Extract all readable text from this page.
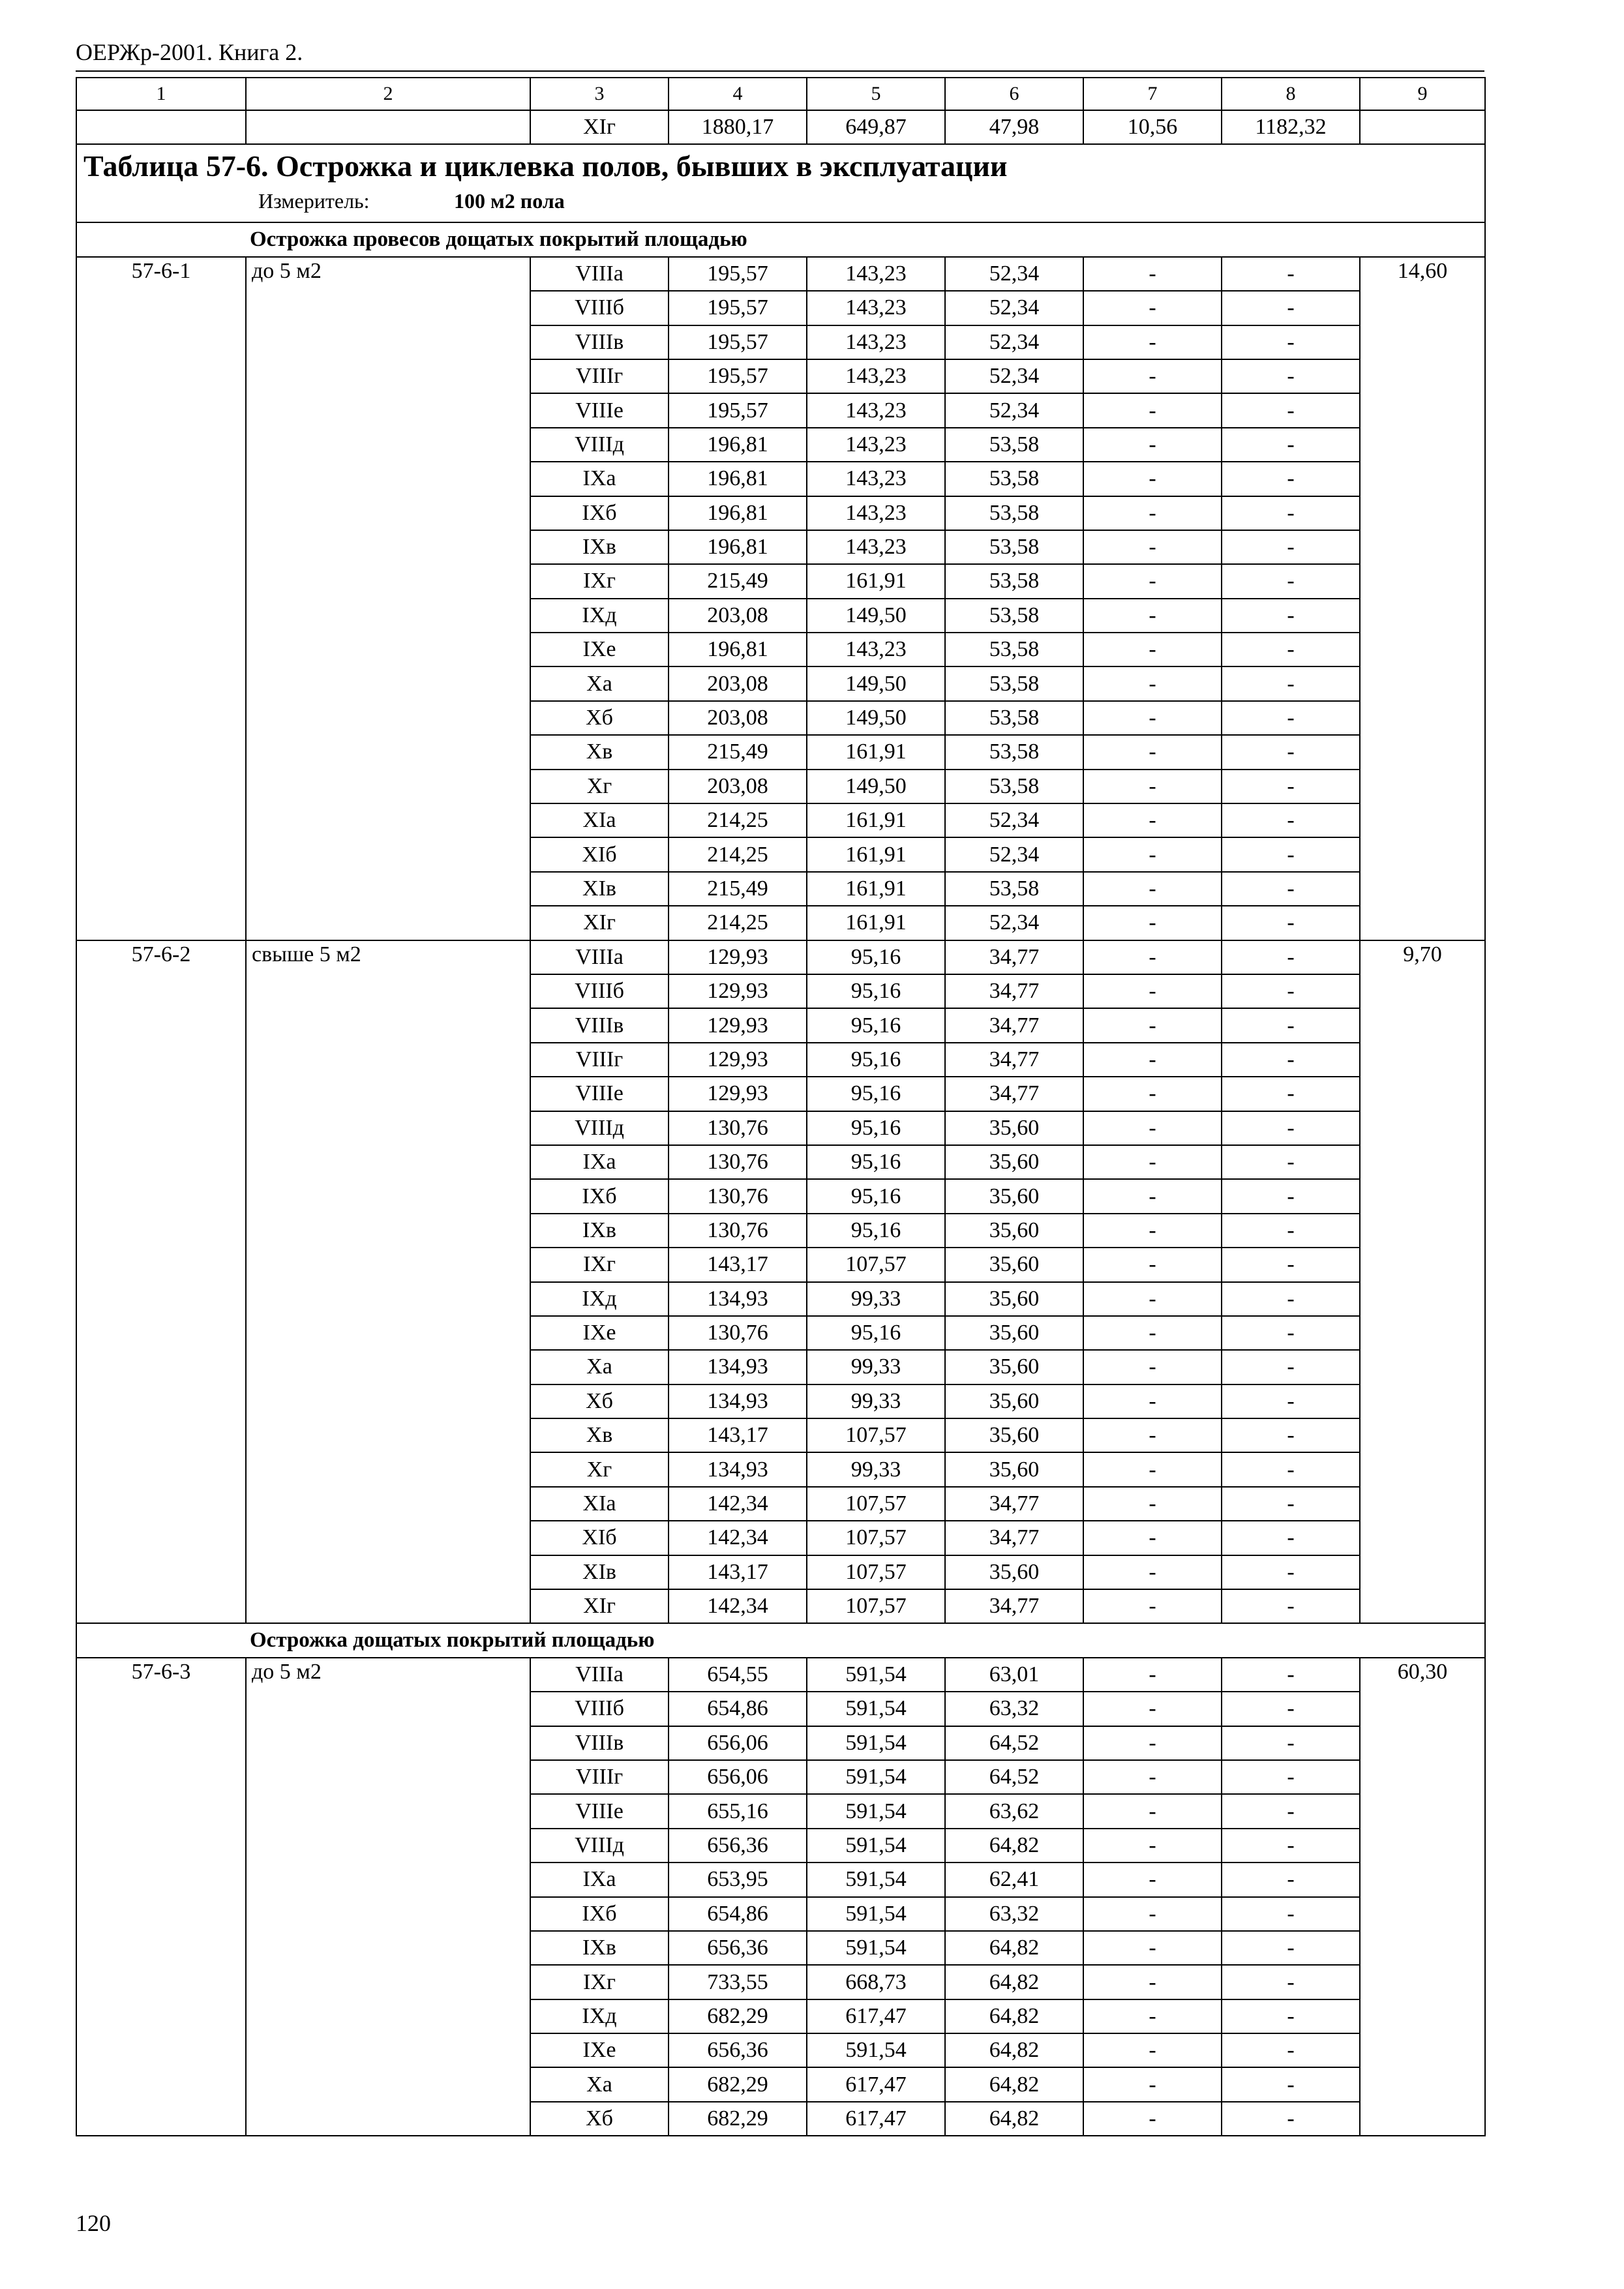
ОЕРЖр-2001. Книга 2.
1	2	3	4	5	6	7	8	9
		XIг	1880,17	649,87	47,98	10,56	1182,32	

Таблица 57-6. Острожка и циклевка полов, бывших в эксплуатации
Измеритель: 100 м2 пола								

	Острожка провесов дощатых покрытий площадью							
57-6-1	до 5 м2	VIIIа	195,57	143,23	52,34	-	-	14,60
		VIIIб	195,57	143,23	52,34	-	-	
		VIIIв	195,57	143,23	52,34	-	-	
		VIIIг	195,57	143,23	52,34	-	-	
		VIIIе	195,57	143,23	52,34	-	-	
		VIIIд	196,81	143,23	53,58	-	-	
		IXа	196,81	143,23	53,58	-	-	
		IXб	196,81	143,23	53,58	-	-	
		IXв	196,81	143,23	53,58	-	-	
		IXг	215,49	161,91	53,58	-	-	
		IXд	203,08	149,50	53,58	-	-	
		IXе	196,81	143,23	53,58	-	-	
		Xа	203,08	149,50	53,58	-	-	
		Xб	203,08	149,50	53,58	-	-	
		Xв	215,49	161,91	53,58	-	-	
		Xг	203,08	149,50	53,58	-	-	
		XIа	214,25	161,91	52,34	-	-	
		XIб	214,25	161,91	52,34	-	-	
		XIв	215,49	161,91	53,58	-	-	
		XIг	214,25	161,91	52,34	-	-	
57-6-2	свыше 5 м2	VIIIа	129,93	95,16	34,77	-	-	9,70
		VIIIб	129,93	95,16	34,77	-	-	
		VIIIв	129,93	95,16	34,77	-	-	
		VIIIг	129,93	95,16	34,77	-	-	
		VIIIе	129,93	95,16	34,77	-	-	
		VIIIд	130,76	95,16	35,60	-	-	
		IXа	130,76	95,16	35,60	-	-	
		IXб	130,76	95,16	35,60	-	-	
		IXв	130,76	95,16	35,60	-	-	
		IXг	143,17	107,57	35,60	-	-	
		IXд	134,93	99,33	35,60	-	-	
		IXе	130,76	95,16	35,60	-	-	
		Xа	134,93	99,33	35,60	-	-	
		Xб	134,93	99,33	35,60	-	-	
		Xв	143,17	107,57	35,60	-	-	
		Xг	134,93	99,33	35,60	-	-	
		XIа	142,34	107,57	34,77	-	-	
		XIб	142,34	107,57	34,77	-	-	
		XIв	143,17	107,57	35,60	-	-	
		XIг	142,34	107,57	34,77	-	-	
	Острожка дощатых покрытий площадью							
57-6-3	до 5 м2	VIIIа	654,55	591,54	63,01	-	-	60,30
		VIIIб	654,86	591,54	63,32	-	-	
		VIIIв	656,06	591,54	64,52	-	-	
		VIIIг	656,06	591,54	64,52	-	-	
		VIIIе	655,16	591,54	63,62	-	-	
		VIIIд	656,36	591,54	64,82	-	-	
		IXа	653,95	591,54	62,41	-	-	
		IXб	654,86	591,54	63,32	-	-	
		IXв	656,36	591,54	64,82	-	-	
		IXг	733,55	668,73	64,82	-	-	
		IXд	682,29	617,47	64,82	-	-	
		IXе	656,36	591,54	64,82	-	-	
		Xа	682,29	617,47	64,82	-	-	
		Xб	682,29	617,47	64,82	-	-	
120
